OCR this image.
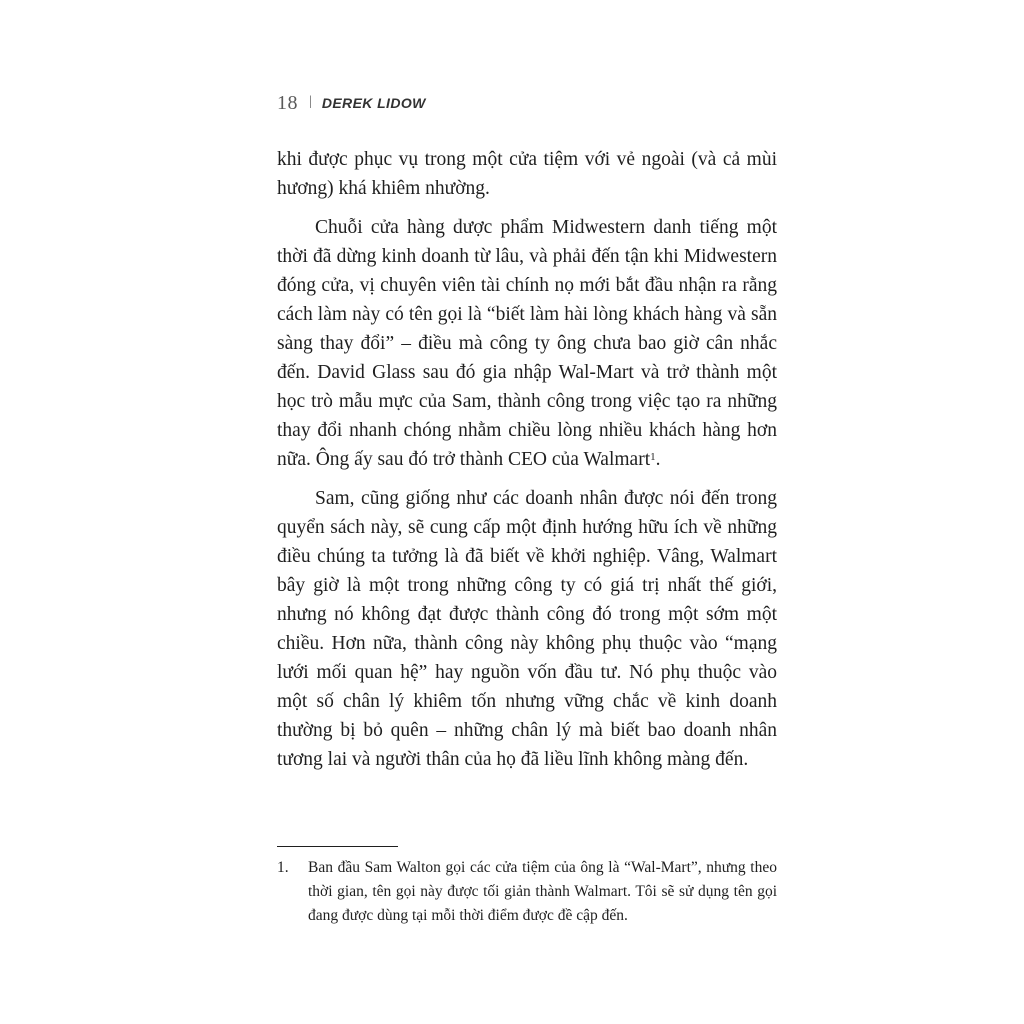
18 | DEREK LIDOW

khi được phục vụ trong một cửa tiệm với vẻ ngoài (và cả mùi hương) khá khiêm nhường.

Chuỗi cửa hàng dược phẩm Midwestern danh tiếng một thời đã dừng kinh doanh từ lâu, và phải đến tận khi Midwestern đóng cửa, vị chuyên viên tài chính nọ mới bắt đầu nhận ra rằng cách làm này có tên gọi là “biết làm hài lòng khách hàng và sẵn sàng thay đổi” – điều mà công ty ông chưa bao giờ cân nhắc đến. David Glass sau đó gia nhập Wal-Mart và trở thành một học trò mẫu mực của Sam, thành công trong việc tạo ra những thay đổi nhanh chóng nhằm chiều lòng nhiều khách hàng hơn nữa. Ông ấy sau đó trở thành CEO của Walmart$^1$.

Sam, cũng giống như các doanh nhân được nói đến trong quyển sách này, sẽ cung cấp một định hướng hữu ích về những điều chúng ta tưởng là đã biết về khởi nghiệp. Vâng, Walmart bây giờ là một trong những công ty có giá trị nhất thế giới, nhưng nó không đạt được thành công đó trong một sớm một chiều. Hơn nữa, thành công này không phụ thuộc vào “mạng lưới mối quan hệ” hay nguồn vốn đầu tư. Nó phụ thuộc vào một số chân lý khiêm tốn nhưng vững chắc về kinh doanh thường bị bỏ quên – những chân lý mà biết bao doanh nhân tương lai và người thân của họ đã liều lĩnh không màng đến.

1.	Ban đầu Sam Walton gọi các cửa tiệm của ông là “Wal-Mart”, nhưng theo thời gian, tên gọi này được tối giản thành Walmart. Tôi sẽ sử dụng tên gọi đang được dùng tại mỗi thời điểm được đề cập đến.
